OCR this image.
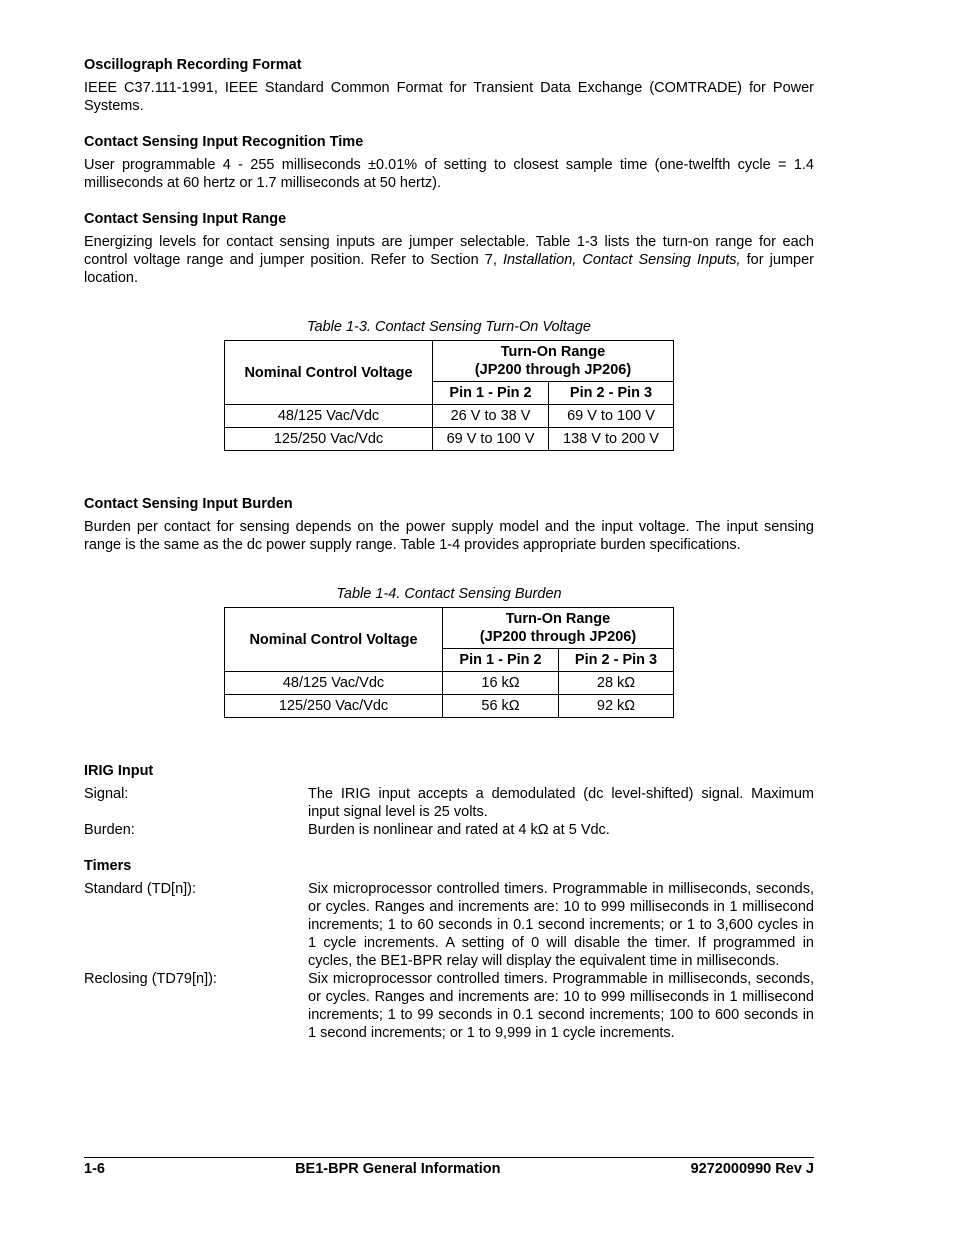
Oscillograph Recording Format

IEEE C37.111-1991, IEEE Standard Common Format for Transient Data Exchange (COMTRADE) for Power Systems.

Contact Sensing Input Recognition Time

User programmable 4 - 255 milliseconds ±0.01% of setting to closest sample time (one-twelfth cycle = 1.4 milliseconds at 60 hertz or 1.7 milliseconds at 50 hertz).

Contact Sensing Input Range

Energizing levels for contact sensing inputs are jumper selectable. Table 1-3 lists the turn-on range for each control voltage range and jumper position. Refer to Section 7, Installation, Contact Sensing Inputs, for jumper location.

Table 1-3. Contact Sensing Turn-On Voltage
Nominal Control Voltage	Turn-On Range
(JP200 through JP206)	

	Pin 1 - Pin 2	Pin 2 - Pin 3
48/125 Vac/Vdc	26 V to 38 V	69 V to 100 V
125/250 Vac/Vdc	69 V to 100 V	138 V to 200 V
Contact Sensing Input Burden

Burden per contact for sensing depends on the power supply model and the input voltage. The input sensing range is the same as the dc power supply range. Table 1-4 provides appropriate burden specifications.

Table 1-4. Contact Sensing Burden
Nominal Control Voltage	Turn-On Range
(JP200 through JP206)	

	Pin 1 - Pin 2	Pin 2 - Pin 3
48/125 Vac/Vdc	16 kΩ	28 kΩ
125/250 Vac/Vdc	56 kΩ	92 kΩ
IRIG Input
Signal:	The IRIG input accepts a demodulated (dc level-shifted) signal. Maximum input signal level is 25 volts.
Burden:	Burden is nonlinear and rated at 4 kΩ at 5 Vdc.
Timers
Standard (TD[n]):	Six microprocessor controlled timers. Programmable in milliseconds, seconds, or cycles. Ranges and increments are: 10 to 999 milliseconds in 1 millisecond increments; 1 to 60 seconds in 0.1 second increments; or 1 to 3,600 cycles in 1 cycle increments. A setting of 0 will disable the timer. If programmed in cycles, the BE1-BPR relay will display the equivalent time in milliseconds.
Reclosing (TD79[n]):	Six microprocessor controlled timers. Programmable in milliseconds, seconds, or cycles. Ranges and increments are: 10 to 999 milliseconds in 1 millisecond increments; 1 to 99 seconds in 0.1 second increments; 100 to 600 seconds in 1 second increments; or 1 to 9,999 in 1 cycle increments.
1-6	BE1-BPR General Information	9272000990 Rev J
